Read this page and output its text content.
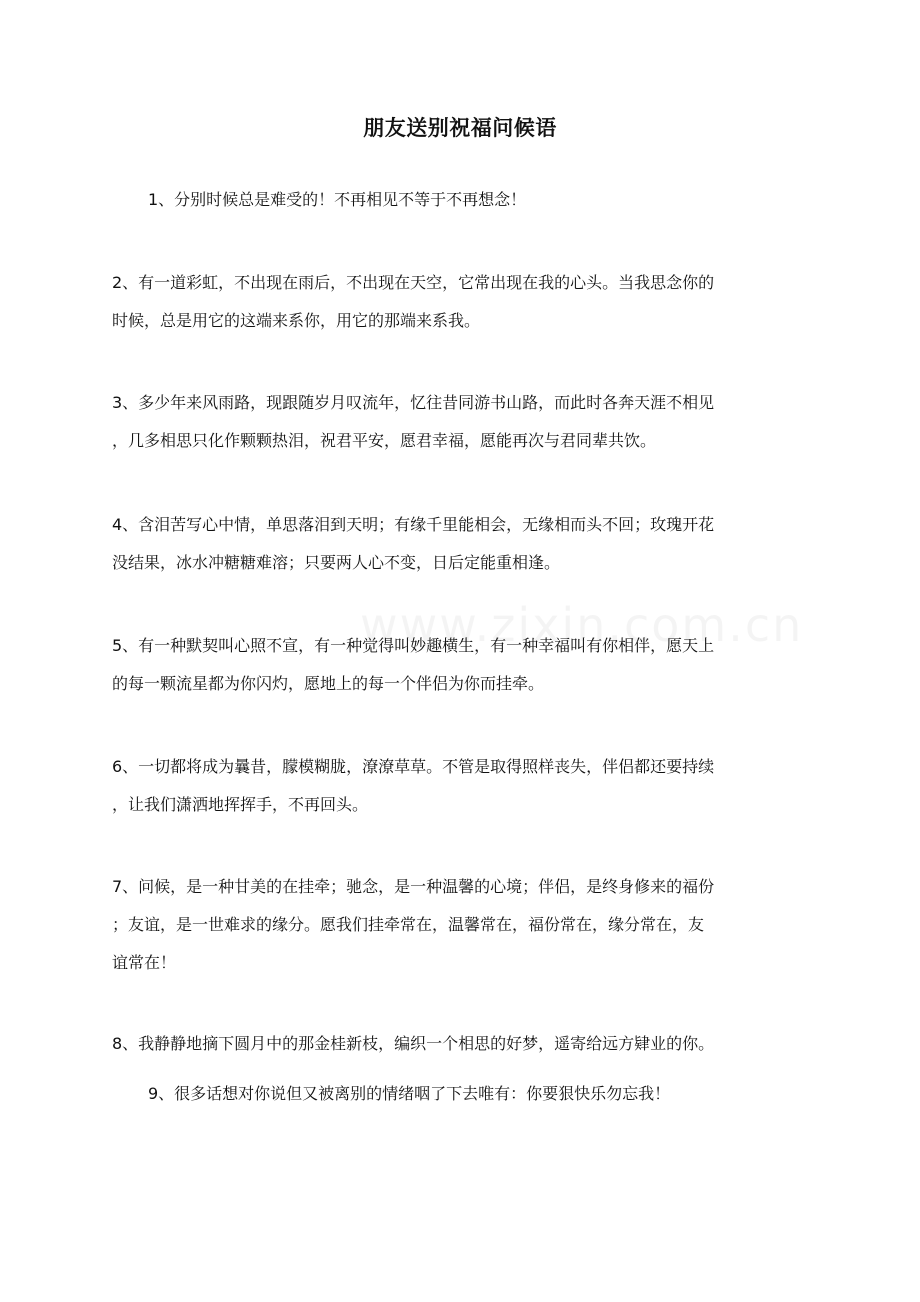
朋友送别祝福问候语
1、分别时候总是难受的！不再相见不等于不再想念！
2、有一道彩虹，不出现在雨后，不出现在天空，它常出现在我的心头。当我思念你的
时候，总是用它的这端来系你，用它的那端来系我。
3、多少年来风雨路，现跟随岁月叹流年，忆往昔同游书山路，而此时各奔天涯不相见
，几多相思只化作颗颗热泪，祝君平安，愿君幸福，愿能再次与君同辈共饮。
4、含泪苦写心中情，单思落泪到天明；有缘千里能相会，无缘相而头不回；玫瑰开花
没结果，冰水冲糖糖难溶；只要两人心不变，日后定能重相逢。
5、有一种默契叫心照不宣，有一种觉得叫妙趣横生，有一种幸福叫有你相伴，愿天上
的每一颗流星都为你闪灼，愿地上的每一个伴侣为你而挂牵。
6、一切都将成为曩昔，朦模糊胧，潦潦草草。不管是取得照样丧失，伴侣都还要持续
，让我们潇洒地挥挥手，不再回头。
7、问候，是一种甘美的在挂牵；驰念，是一种温馨的心境；伴侣，是终身修来的福份
；友谊，是一世难求的缘分。愿我们挂牵常在，温馨常在，福份常在，缘分常在，友
谊常在！
8、我静静地摘下圆月中的那金桂新枝，编织一个相思的好梦，遥寄给远方肄业的你。
9、很多话想对你说但又被离别的情绪咽了下去唯有：你要狠快乐勿忘我！
